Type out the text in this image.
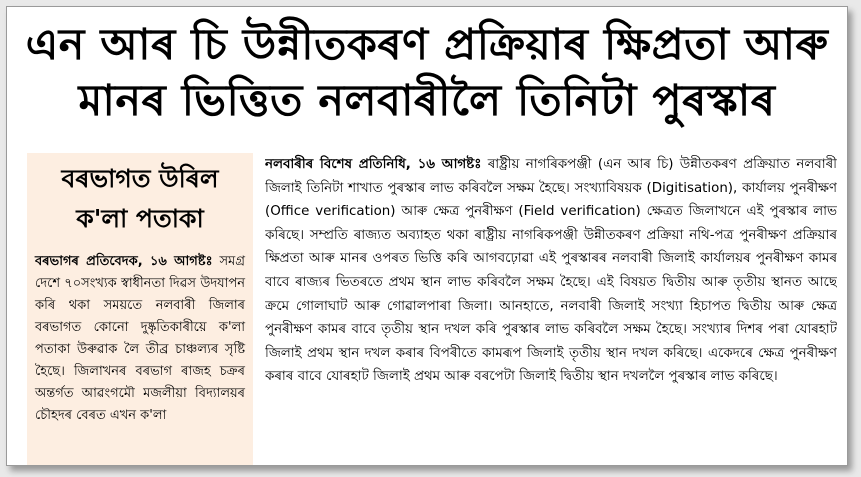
এন আৰ চি উন্নীতকৰণ প্ৰক্ৰিয়াৰ ক্ষিপ্ৰতা আৰু
মানৰ ভিত্তিত নলবাৰীলৈ তিনিটা পুৰস্কাৰ
বৰভাগত উৰিল
ক'লা পতাকা
বৰভাগৰ প্ৰতিবেদক, ১৬ আগষ্টঃ সমগ্ৰ দেশে ৭০সংখ্যক স্বাধীনতা দিৱস উদযাপন কৰি থকা সময়তে নলবাৰী জিলাৰ বৰভাগত কোনো দুষ্কৃতিকাৰীয়ে ক'লা পতাকা উৰুৱাক লৈ তীব্ৰ চাঞ্চল্যৰ সৃষ্টি হৈছে। জিলাখনৰ বৰভাগ ৰাজহ চক্ৰৰ অন্তৰ্গত আৱংগমৌ মজলীয়া বিদ্যালয়ৰ চৌহদৰ বেৰত এখন ক'লা
নলবাৰীৰ বিশেষ প্ৰতিনিধি, ১৬ আগষ্টঃ ৰাষ্ট্ৰীয় নাগৰিকপঞ্জী (এন আৰ চি) উন্নীতকৰণ প্ৰক্ৰিয়াত নলবাৰী জিলাই তিনিটা শাখাত পুৰস্কাৰ লাভ কৰিবলৈ সক্ষম হৈছে। সংখ্যাবিষয়ক (Digitisation), কাৰ্যালয় পুনৰীক্ষণ (Office verification) আৰু ক্ষেত্ৰ পুনৰীক্ষণ (Field verification) ক্ষেত্ৰত জিলাখনে এই পুৰস্কাৰ লাভ কৰিছে। সম্প্ৰতি ৰাজ্যত অব্যাহত থকা ৰাষ্ট্ৰীয় নাগৰিকপঞ্জী উন্নীতকৰণ প্ৰক্ৰিয়া নথি-পত্ৰ পুনৰীক্ষণ প্ৰক্ৰিয়াৰ ক্ষিপ্ৰতা আৰু মানৰ ওপৰত ভিত্তি কৰি আগবঢ়োৱা এই পুৰস্কাৰৰ নলবাৰী জিলাই কাৰ্যালয়ৰ পুনৰীক্ষণ কামৰ বাবে ৰাজ্যৰ ভিতৰতে প্ৰথম স্থান লাভ কৰিবলৈ সক্ষম হৈছে। এই বিষয়ত দ্বিতীয় আৰু তৃতীয় স্থানত আছে ক্ৰমে গোলাঘাট আৰু গোৱালপাৰা জিলা। আনহাতে, নলবাৰী জিলাই সংখ্যা হিচাপত দ্বিতীয় আৰু ক্ষেত্ৰ পুনৰীক্ষণ কামৰ বাবে তৃতীয় স্থান দখল কৰি পুৰস্কাৰ লাভ কৰিবলৈ সক্ষম হৈছে। সংখ্যাৰ দিশৰ পৰা যোৰহাট জিলাই প্ৰথম স্থান দখল কৰাৰ বিপৰীতে কামৰূপ জিলাই তৃতীয় স্থান দখল কৰিছে। একেদৰে ক্ষেত্ৰ পুনৰীক্ষণ কৰাৰ বাবে যোৰহাট জিলাই প্ৰথম আৰু বৰপেটা জিলাই দ্বিতীয় স্থান দখললৈ পুৰস্কাৰ লাভ কৰিছে।
